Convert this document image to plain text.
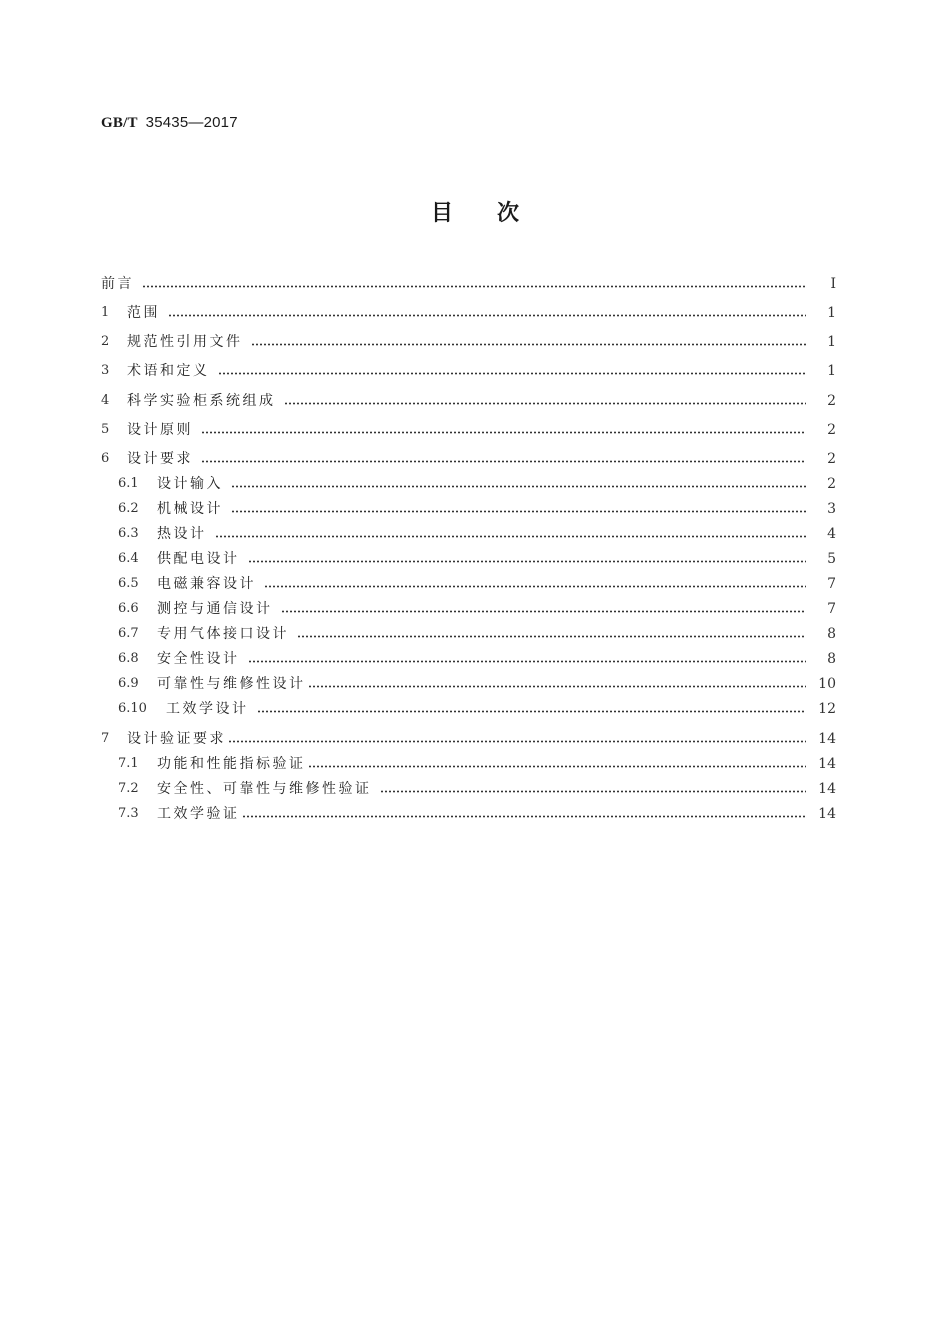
GB/T 35435—2017
目 次
前言	Ⅰ
1	范围	1
2	规范性引用文件	1
3	术语和定义	1
4	科学实验柜系统组成	2
5	设计原则	2
6	设计要求	2
6.1	设计输入	2
6.2	机械设计	3
6.3	热设计	4
6.4	供配电设计	5
6.5	电磁兼容设计	7
6.6	测控与通信设计	7
6.7	专用气体接口设计	8
6.8	安全性设计	8
6.9	可靠性与维修性设计	10
6.10	工效学设计	12
7	设计验证要求	14
7.1	功能和性能指标验证	14
7.2	安全性、可靠性与维修性验证	14
7.3	工效学验证	14
